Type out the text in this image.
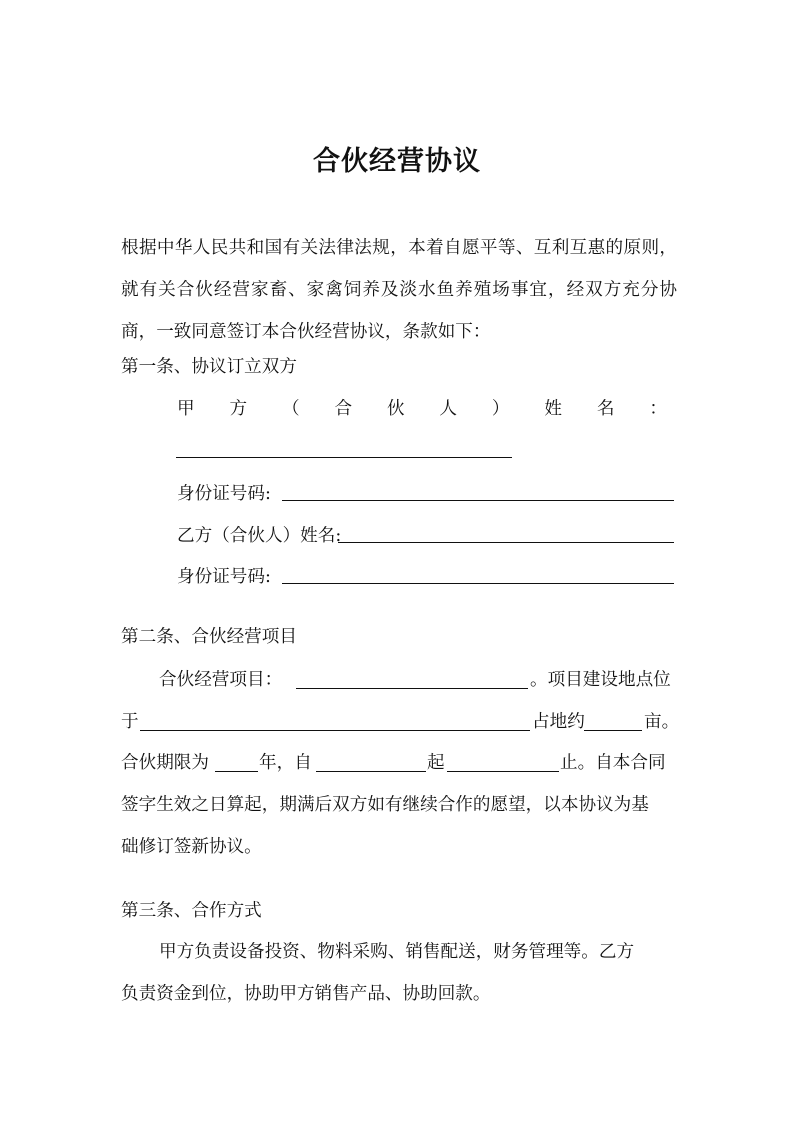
合伙经营协议

根据中华人民共和国有关法律法规，本着自愿平等、互利互惠的原则，就有关合伙经营家畜、家禽饲养及淡水鱼养殖场事宜，经双方充分协商，一致同意签订本合伙经营协议，条款如下：

第一条、协议订立双方
甲 方 （ 合 伙 人 ） 姓 名 ：
身份证号码:
乙方（合伙人）姓名:
身份证号码:
第二条、合伙经营项目
合伙经营项目：	。项目建设地点位
于	占地约	亩。
合伙期限为	年，自	起	止。自本合同
签字生效之日算起，期满后双方如有继续合作的愿望，以本协议为基
础修订签新协议。
第三条、合作方式
甲方负责设备投资、物料采购、销售配送，财务管理等。乙方
负责资金到位，协助甲方销售产品、协助回款。
